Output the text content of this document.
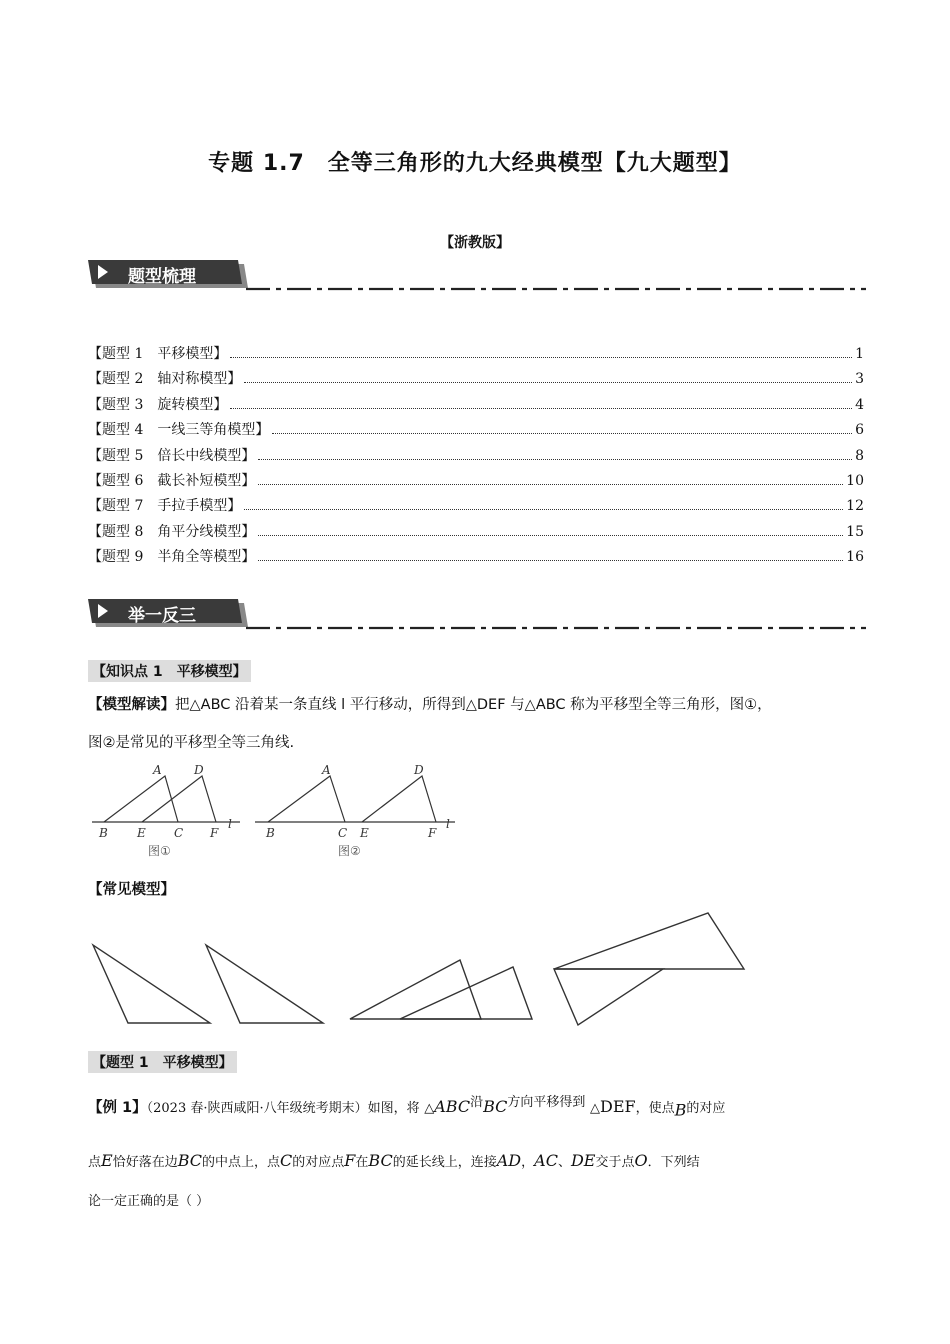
专题 1.7　全等三角形的九大经典模型【九大题型】
【浙教版】
题型梳理
【题型 1　平移模型】	1
【题型 2　轴对称模型】	3
【题型 3　旋转模型】	4
【题型 4　一线三等角模型】	6
【题型 5　倍长中线模型】	8
【题型 6　截长补短模型】	10
【题型 7　手拉手模型】	12
【题型 8　角平分线模型】	15
【题型 9　半角全等模型】	16
举一反三
【知识点 1　平移模型】
【模型解读】把△ABC 沿着某一条直线 l 平行移动，所得到△DEF 与△ABC 称为平移型全等三角形，图①，
图②是常见的平移型全等三角线.
A	D
B E C F
l
A	D
B	C E	F
l
图①	图②
【常见模型】
【题型 1　平移模型】
【例 1】（2023 春·陕西咸阳·八年级统考期末）如图，将 $\triangle ABC^沿BC^{方向平移得到}$ △DEF，使点$_B$的对应
点E恰好落在边BC的中点上，点C的对应点F在BC的延长线上，连接AD，AC、DE交于点O．下列结
论一定正确的是（ ）
